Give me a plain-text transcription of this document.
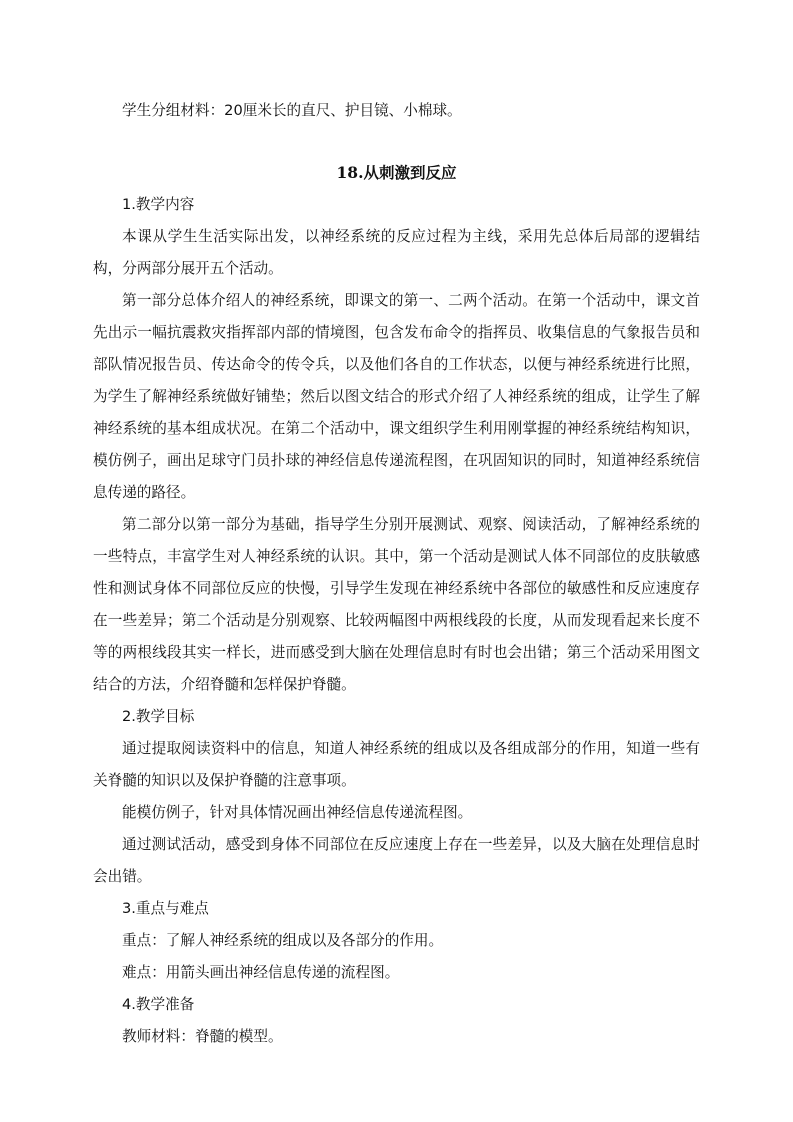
学生分组材料：20厘米长的直尺、护目镜、小棉球。

18.从刺激到反应

1.教学内容

本课从学生生活实际出发，以神经系统的反应过程为主线，采用先总体后局部的逻辑结构，分两部分展开五个活动。

第一部分总体介绍人的神经系统，即课文的第一、二两个活动。在第一个活动中，课文首先出示一幅抗震救灾指挥部内部的情境图，包含发布命令的指挥员、收集信息的气象报告员和部队情况报告员、传达命令的传令兵，以及他们各自的工作状态，以便与神经系统进行比照，为学生了解神经系统做好铺垫；然后以图文结合的形式介绍了人神经系统的组成，让学生了解神经系统的基本组成状况。在第二个活动中，课文组织学生利用刚掌握的神经系统结构知识，模仿例子，画出足球守门员扑球的神经信息传递流程图，在巩固知识的同时，知道神经系统信息传递的路径。

第二部分以第一部分为基础，指导学生分别开展测试、观察、阅读活动，了解神经系统的一些特点，丰富学生对人神经系统的认识。其中，第一个活动是测试人体不同部位的皮肤敏感性和测试身体不同部位反应的快慢，引导学生发现在神经系统中各部位的敏感性和反应速度存在一些差异；第二个活动是分别观察、比较两幅图中两根线段的长度，从而发现看起来长度不等的两根线段其实一样长，进而感受到大脑在处理信息时有时也会出错；第三个活动采用图文结合的方法，介绍脊髓和怎样保护脊髓。

2.教学目标

通过提取阅读资料中的信息，知道人神经系统的组成以及各组成部分的作用，知道一些有关脊髓的知识以及保护脊髓的注意事项。

能模仿例子，针对具体情况画出神经信息传递流程图。

通过测试活动，感受到身体不同部位在反应速度上存在一些差异，以及大脑在处理信息时会出错。

3.重点与难点

重点：了解人神经系统的组成以及各部分的作用。

难点：用箭头画出神经信息传递的流程图。

4.教学准备

教师材料：脊髓的模型。
